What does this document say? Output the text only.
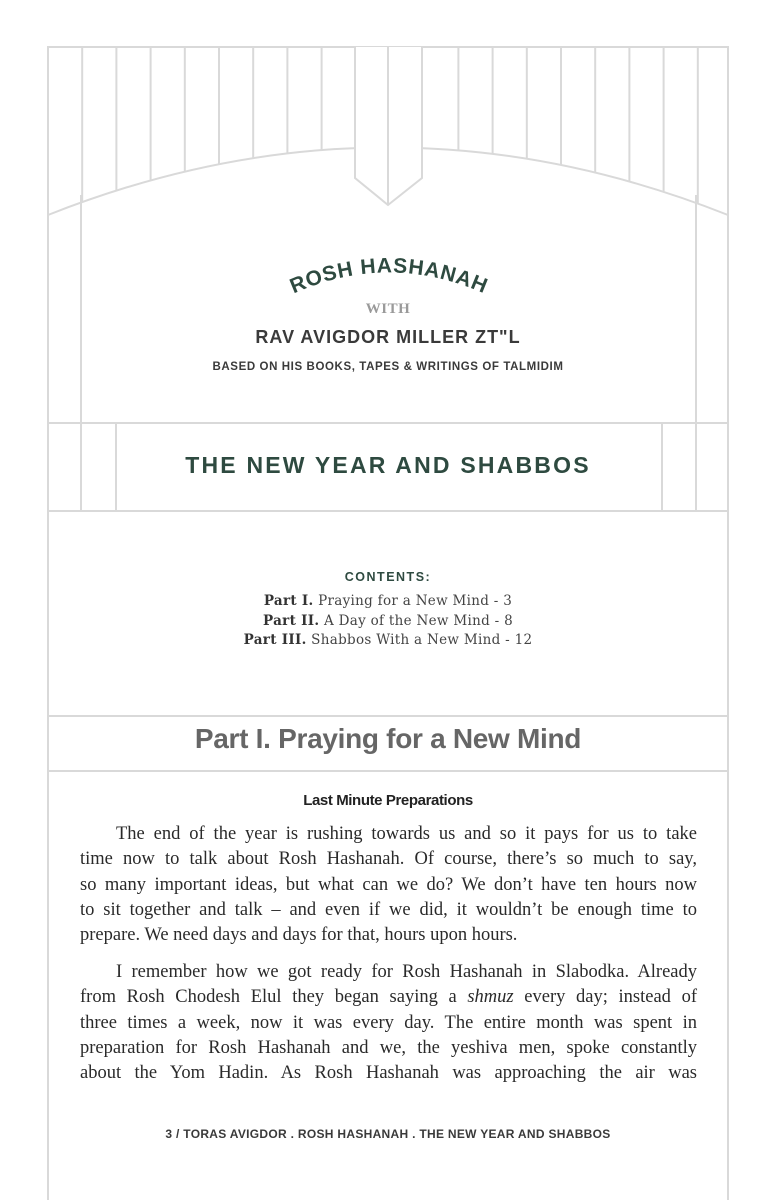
ROSH HASHANAH
WITH
RAV AVIGDOR MILLER ZT"L
BASED ON HIS BOOKS, TAPES & WRITINGS OF TALMIDIM
THE NEW YEAR AND SHABBOS
CONTENTS:
Part I. Praying for a New Mind - 3
Part II. A Day of the New Mind - 8
Part III. Shabbos With a New Mind - 12
Part I. Praying for a New Mind
Last Minute Preparations
The end of the year is rushing towards us and so it pays for us to take
time now to talk about Rosh Hashanah. Of course, there’s so much to say,
so many important ideas, but what can we do? We don’t have ten hours now
to sit together and talk – and even if we did, it wouldn’t be enough time to
prepare. We need days and days for that, hours upon hours.
I remember how we got ready for Rosh Hashanah in Slabodka. Already
from Rosh Chodesh Elul they began saying a shmuz every day; instead of
three times a week, now it was every day. The entire month was spent in
preparation for Rosh Hashanah and we, the yeshiva men, spoke constantly
about the Yom Hadin. As Rosh Hashanah was approaching the air was
3 / TORAS AVIGDOR . ROSH HASHANAH . THE NEW YEAR AND SHABBOS
